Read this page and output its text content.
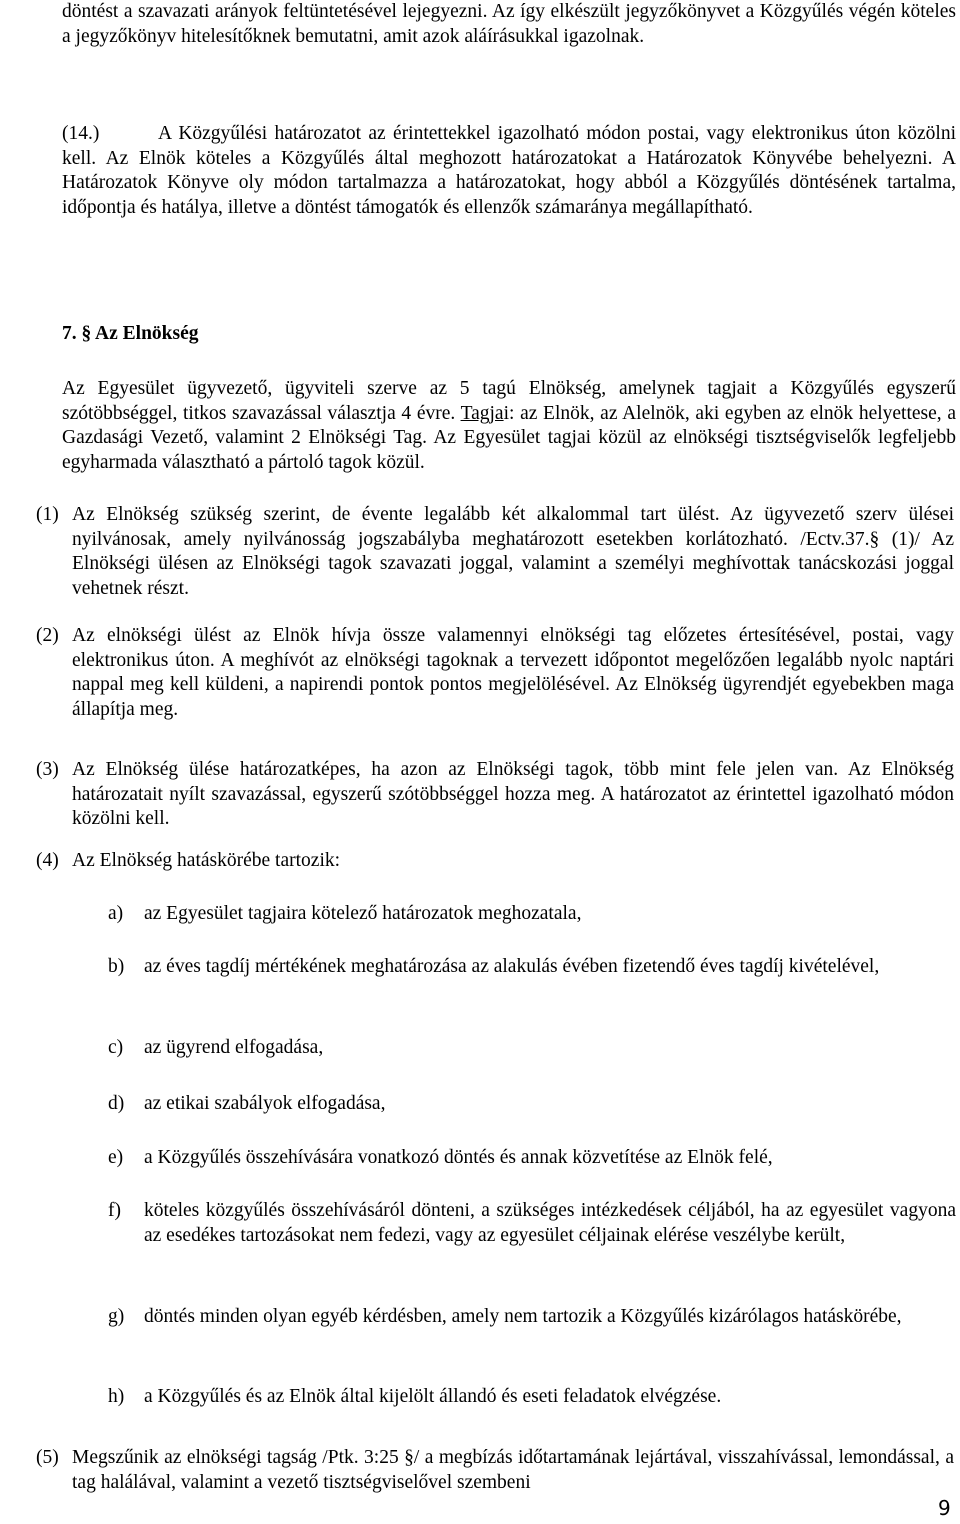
döntést a szavazati arányok feltüntetésével lejegyezni. Az így elkészült jegyzőkönyvet a Közgyűlés végén köteles a jegyzőkönyv hitelesítőknek bemutatni, amit azok aláírásukkal igazolnak.

(14.)	A Közgyűlési határozatot az érintettekkel igazolható módon postai, vagy elektronikus úton közölni kell. Az Elnök köteles a Közgyűlés által meghozott határozatokat a Határozatok Könyvébe behelyezni. A Határozatok Könyve oly módon tartalmazza a határozatokat, hogy abból a Közgyűlés döntésének tartalma, időpontja és hatálya, illetve a döntést támogatók és ellenzők számaránya megállapítható.

7. § Az Elnökség

Az Egyesület ügyvezető, ügyviteli szerve az 5 tagú Elnökség, amelynek tagjait a Közgyűlés egyszerű szótöbbséggel, titkos szavazással választja 4 évre. Tagjai: az Elnök, az Alelnök, aki egyben az elnök helyettese, a Gazdasági Vezető, valamint 2 Elnökségi Tag. Az Egyesület tagjai közül az elnökségi tisztségviselők legfeljebb egyharmada választható a pártoló tagok közül.

(1) Az Elnökség szükség szerint, de évente legalább két alkalommal tart ülést. Az ügyvezető szerv ülései nyilvánosak, amely nyilvánosság jogszabályba meghatározott esetekben korlátozható. /Ectv.37.§ (1)/ Az Elnökségi ülésen az Elnökségi tagok szavazati joggal, valamint a személyi meghívottak tanácskozási joggal vehetnek részt.
(2) Az elnökségi ülést az Elnök hívja össze valamennyi elnökségi tag előzetes értesítésével, postai, vagy elektronikus úton. A meghívót az elnökségi tagoknak a tervezett időpontot megelőzően legalább nyolc naptári nappal meg kell küldeni, a napirendi pontok pontos megjelölésével. Az Elnökség ügyrendjét egyebekben maga állapítja meg.
(3) Az Elnökség ülése határozatképes, ha azon az Elnökségi tagok, több mint fele jelen van. Az Elnökség határozatait nyílt szavazással, egyszerű szótöbbséggel hozza meg. A határozatot az érintettel igazolható módon közölni kell.
(4) Az Elnökség hatáskörébe tartozik:
a) az Egyesület tagjaira kötelező határozatok meghozatala,
b) az éves tagdíj mértékének meghatározása az alakulás évében fizetendő éves tagdíj kivételével,
c) az ügyrend elfogadása,
d) az etikai szabályok elfogadása,
e) a Közgyűlés összehívására vonatkozó döntés és annak közvetítése az Elnök felé,
f) köteles közgyűlés összehívásáról dönteni, a szükséges intézkedések céljából, ha az egyesület vagyona az esedékes tartozásokat nem fedezi, vagy az egyesület céljainak elérése veszélybe került,
g) döntés minden olyan egyéb kérdésben, amely nem tartozik a Közgyűlés kizárólagos hatáskörébe,
h) a Közgyűlés és az Elnök által kijelölt állandó és eseti feladatok elvégzése.
(5) Megszűnik az elnökségi tagság /Ptk. 3:25 §/ a megbízás időtartamának lejártával, visszahívással, lemondással, a tag halálával, valamint a vezető tisztségviselővel szembeni
9
